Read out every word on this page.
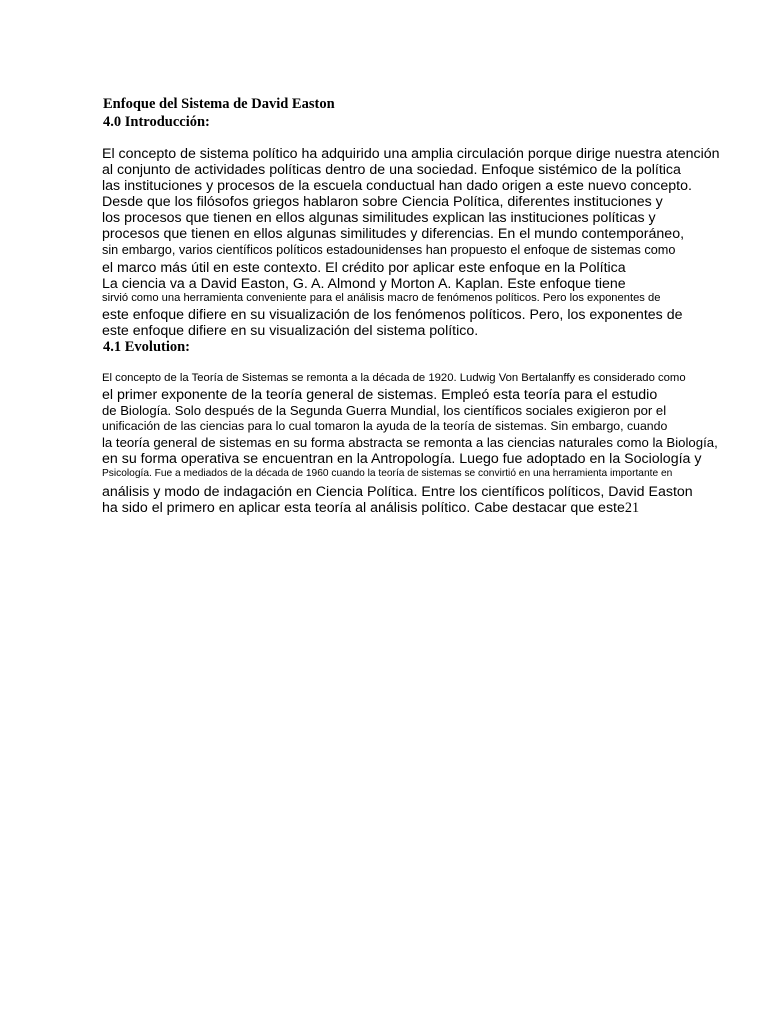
Enfoque del Sistema de David Easton
4.0 Introducción:
El concepto de sistema político ha adquirido una amplia circulación porque dirige nuestra atención
al conjunto de actividades políticas dentro de una sociedad. Enfoque sistémico de la política
las instituciones y procesos de la escuela conductual han dado origen a este nuevo concepto.
Desde que los filósofos griegos hablaron sobre Ciencia Política, diferentes instituciones y
los procesos que tienen en ellos algunas similitudes explican las instituciones políticas y
procesos que tienen en ellos algunas similitudes y diferencias. En el mundo contemporáneo,
sin embargo, varios científicos políticos estadounidenses han propuesto el enfoque de sistemas como
el marco más útil en este contexto. El crédito por aplicar este enfoque en la Política
La ciencia va a David Easton, G. A. Almond y Morton A. Kaplan. Este enfoque tiene
sirvió como una herramienta conveniente para el análisis macro de fenómenos políticos. Pero los exponentes de
este enfoque difiere en su visualización de los fenómenos políticos. Pero, los exponentes de
este enfoque difiere en su visualización del sistema político.
4.1 Evolution:
El concepto de la Teoría de Sistemas se remonta a la década de 1920. Ludwig Von Bertalanffy es considerado como
el primer exponente de la teoría general de sistemas. Empleó esta teoría para el estudio
de Biología. Solo después de la Segunda Guerra Mundial, los científicos sociales exigieron por el
unificación de las ciencias para lo cual tomaron la ayuda de la teoría de sistemas. Sin embargo, cuando
la teoría general de sistemas en su forma abstracta se remonta a las ciencias naturales como la Biología,
en su forma operativa se encuentran en la Antropología. Luego fue adoptado en la Sociología y
Psicología. Fue a mediados de la década de 1960 cuando la teoría de sistemas se convirtió en una herramienta importante en
análisis y modo de indagación en Ciencia Política. Entre los científicos políticos, David Easton
ha sido el primero en aplicar esta teoría al análisis político. Cabe destacar que este21
